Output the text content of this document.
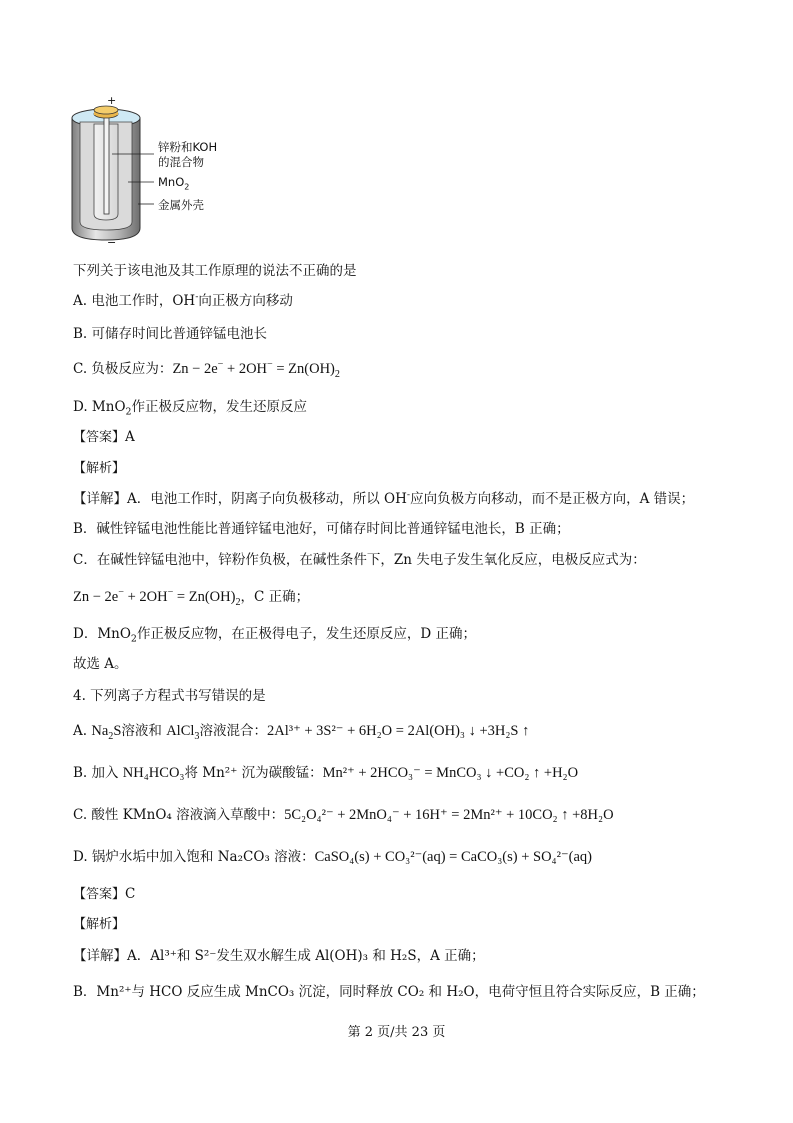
+
−
锌粉和KOH
的混合物
MnO$_2$
金属外壳
下列关于该电池及其工作原理的说法不正确的是
A. 电池工作时，OH-向正极方向移动
B. 可储存时间比普通锌锰电池长
C. 负极反应为：$Zn - 2e^- + 2OH^- = Zn(OH)_2$
D. MnO$_2$作正极反应物，发生还原反应
【答案】A
【解析】
【详解】A．电池工作时，阴离子向负极移动，所以 OH-应向负极方向移动，而不是正极方向，A 错误；
B．碱性锌锰电池性能比普通锌锰电池好，可储存时间比普通锌锰电池长，B 正确；
C．在碱性锌锰电池中，锌粉作负极，在碱性条件下，Zn 失电子发生氧化反应，电极反应式为：
$Zn - 2e^- + 2OH^- = Zn(OH)_2$，C 正确；
D．MnO$_2$作正极反应物，在正极得电子，发生还原反应，D 正确；
故选 A。
4. 下列离子方程式书写错误的是
A. $Na_2S$溶液和 AlCl$_3$溶液混合：2Al³⁺ + 3S²⁻ + 6H₂O = 2Al(OH)₃ ↓ +3H₂S ↑
B. 加入 NH₄HCO₃将 Mn²⁺ 沉为碳酸锰：Mn²⁺ + 2HCO₃⁻ = MnCO₃ ↓ +CO₂ ↑ +H₂O
C. 酸性 KMnO₄ 溶液滴入草酸中：5C₂O₄²⁻ + 2MnO₄⁻ + 16H⁺ = 2Mn²⁺ + 10CO₂ ↑ +8H₂O
D. 锅炉水垢中加入饱和 Na₂CO₃ 溶液：CaSO₄(s) + CO₃²⁻(aq) = CaCO₃(s) + SO₄²⁻(aq)
【答案】C
【解析】
【详解】A．Al³⁺和 S²⁻发生双水解生成 Al(OH)₃ 和 H₂S，A 正确；
B．Mn²⁺与 HCO 反应生成 MnCO₃ 沉淀，同时释放 CO₂ 和 H₂O，电荷守恒且符合实际反应，B 正确；
第 2 页/共 23 页
